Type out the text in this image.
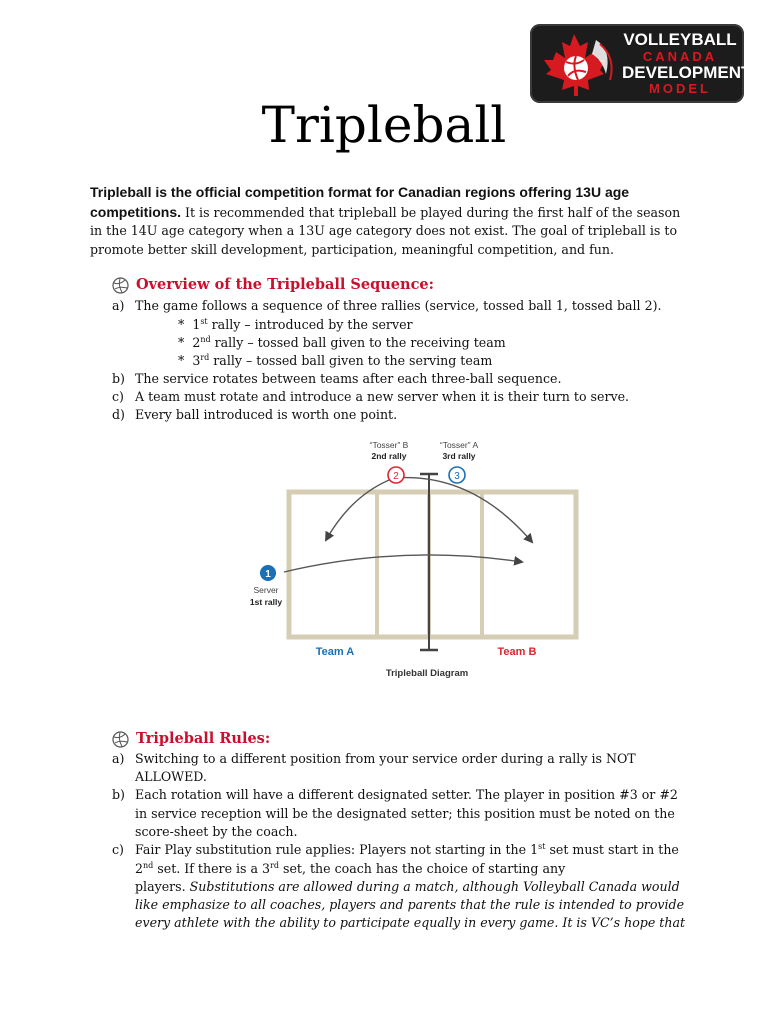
VOLLEYBALL
CANADA
DEVELOPMENT
MODEL
Tripleball
Tripleball is the official competition format for Canadian regions offering 13U age competitions. It is recommended that tripleball be played during the first half of the season in the 14U age category when a 13U age category does not exist. The goal of tripleball is to promote better skill development, participation, meaningful competition, and fun.
Overview of the Tripleball Sequence:
a) The game follows a sequence of three rallies (service, tossed ball 1, tossed ball 2).
*  1st rally – introduced by the server
*  2nd rally – tossed ball given to the receiving team
*  3rd rally – tossed ball given to the serving team
b) The service rotates between teams after each three-ball sequence.
c) A team must rotate and introduce a new server when it is their turn to serve.
d) Every ball introduced is worth one point.
“Tosser” B
2nd rally
2
“Tosser” A
3rd rally
3
1
Server
1st rally
Team A	Team B
Tripleball Diagram
Tripleball Rules:
a) Switching to a different position from your service order during a rally is NOT
ALLOWED.
b) Each rotation will have a different designated setter. The player in position #3 or #2
in service reception will be the designated setter; this position must be noted on the
score-sheet by the coach.
c) Fair Play substitution rule applies: Players not starting in the 1st set must start in the
2nd set. If there is a 3rd set, the coach has the choice of starting any
players. Substitutions are allowed during a match, although Volleyball Canada would
like emphasize to all coaches, players and parents that the rule is intended to provide
every athlete with the ability to participate equally in every game. It is VC’s hope that
